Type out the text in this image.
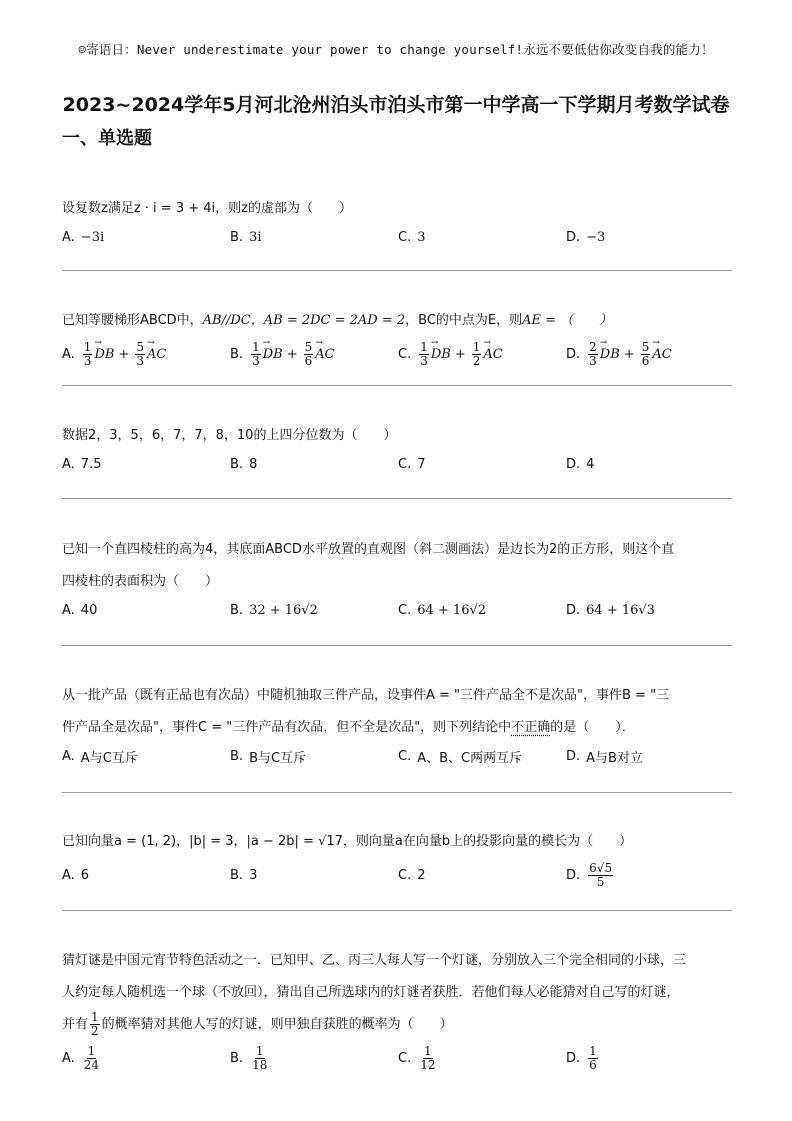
☺寄语日：Never underestimate your power to change yourself!永远不要低估你改变自我的能力！
2023~2024学年5月河北沧州泊头市泊头市第一中学高一下学期月考数学试卷
一、单选题
设复数z满足z · i = 3 + 4i，则z的虚部为（　　）
A. −3i	B. 3i	C. 3	D. −3
已知等腰梯形ABCD中，AB//DC，AB = 2DC = 2AD = 2，BC的中点为E，则AE = （　　）
A. $\frac{1}{3}$ → DB + $\frac{5}{3}$ → AC	B. $\frac{1}{3}$ → DB + $\frac{5}{6}$ → AC	C. $\frac{1}{3}$ → DB + $\frac{1}{2}$ → AC	D. $\frac{2}{3}$ → DB + $\frac{5}{6}$ → AC
数据2，3，5，6，7，7，8，10的上四分位数为（　　）
A. 7.5	B. 8	C. 7	D. 4
已知一个直四棱柱的高为4，其底面ABCD水平放置的直观图（斜二测画法）是边长为2的正方形，则这个直
四棱柱的表面积为（　　）
A. 40	B. 32 + 16√2	C. 64 + 16√2	D. 64 + 16√3
从一批产品（既有正品也有次品）中随机抽取三件产品，设事件A = "三件产品全不是次品"，事件B = "三
件产品全是次品"，事件C = "三件产品有次品，但不全是次品"，则下列结论中不正确的是（　　）．
A. A与C互斥	B. B与C互斥	C. A、B、C两两互斥	D. A与B对立
已知向量a = (1, 2)，|b| = 3，|a − 2b| = √17，则向量a在向量b上的投影向量的模长为（　　）
A. 6	B. 3	C. 2	D. $\frac{6√5}{5}$
猜灯谜是中国元宵节特色活动之一．已知甲、乙、丙三人每人写一个灯谜，分别放入三个完全相同的小球，三
人约定每人随机选一个球（不放回），猜出自己所选球内的灯谜者获胜．若他们每人必能猜对自己写的灯谜，
并有 $\frac{1}{2}$ 的概率猜对其他人写的灯谜，则甲独自获胜的概率为（　　）
A. $\frac{1}{24}$	B. $\frac{1}{18}$	C. $\frac{1}{12}$	D. $\frac{1}{6}$
